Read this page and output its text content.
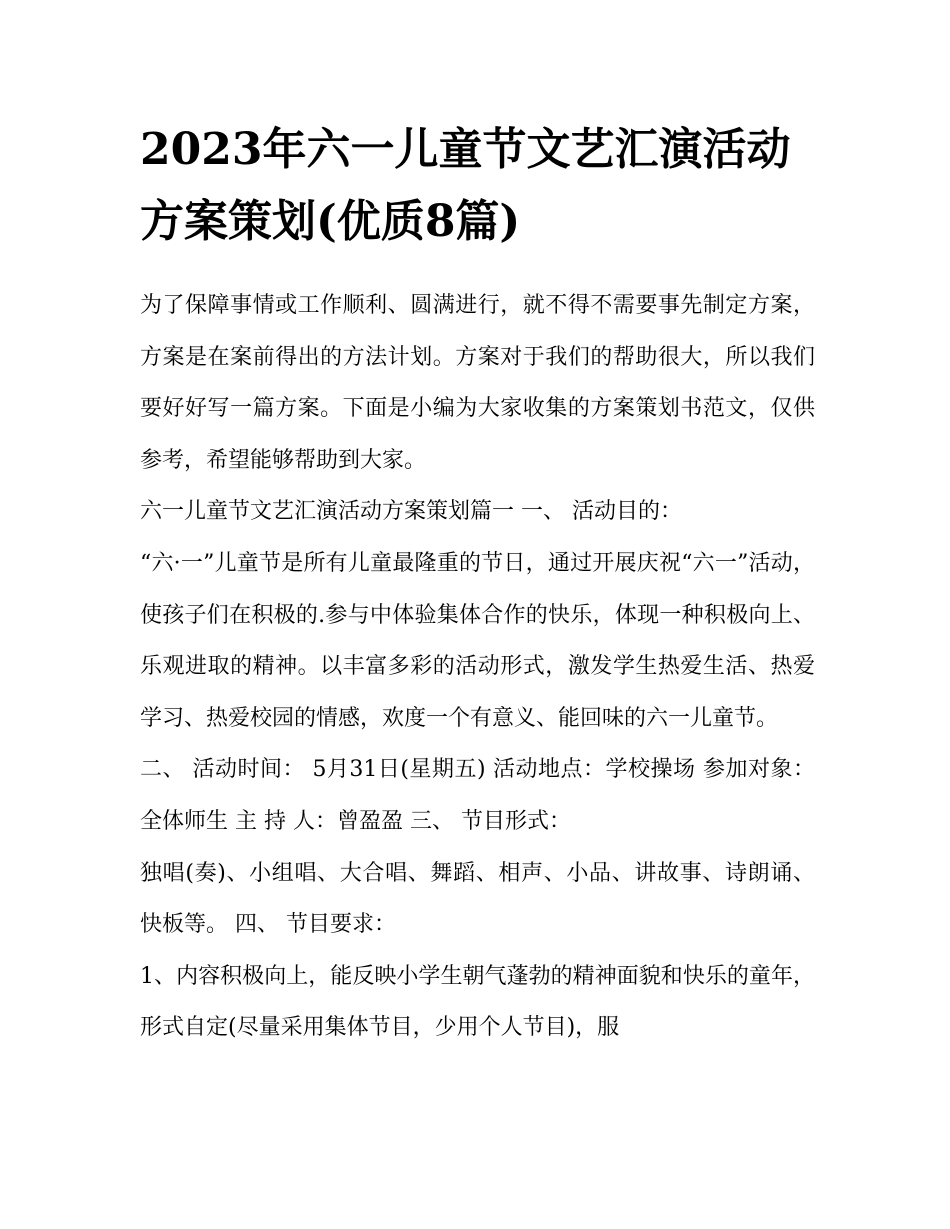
2023年六一儿童节文艺汇演活动方案策划(优质8篇)

为了保障事情或工作顺利、圆满进行，就不得不需要事先制定方案，方案是在案前得出的方法计划。方案对于我们的帮助很大，所以我们要好好写一篇方案。下面是小编为大家收集的方案策划书范文，仅供参考，希望能够帮助到大家。

六一儿童节文艺汇演活动方案策划篇一 一、 活动目的：

“六·一”儿童节是所有儿童最隆重的节日，通过开展庆祝“六一”活动，使孩子们在积极的.参与中体验集体合作的快乐，体现一种积极向上、乐观进取的精神。以丰富多彩的活动形式，激发学生热爱生活、热爱学习、热爱校园的情感，欢度一个有意义、能回味的六一儿童节。

二、 活动时间： 5月31日(星期五) 活动地点：学校操场 参加对象：全体师生 主 持 人：曾盈盈 三、 节目形式：

独唱(奏)、小组唱、大合唱、舞蹈、相声、小品、讲故事、诗朗诵、快板等。 四、 节目要求：

1、内容积极向上，能反映小学生朝气蓬勃的精神面貌和快乐的童年，形式自定(尽量采用集体节目，少用个人节目)，服
